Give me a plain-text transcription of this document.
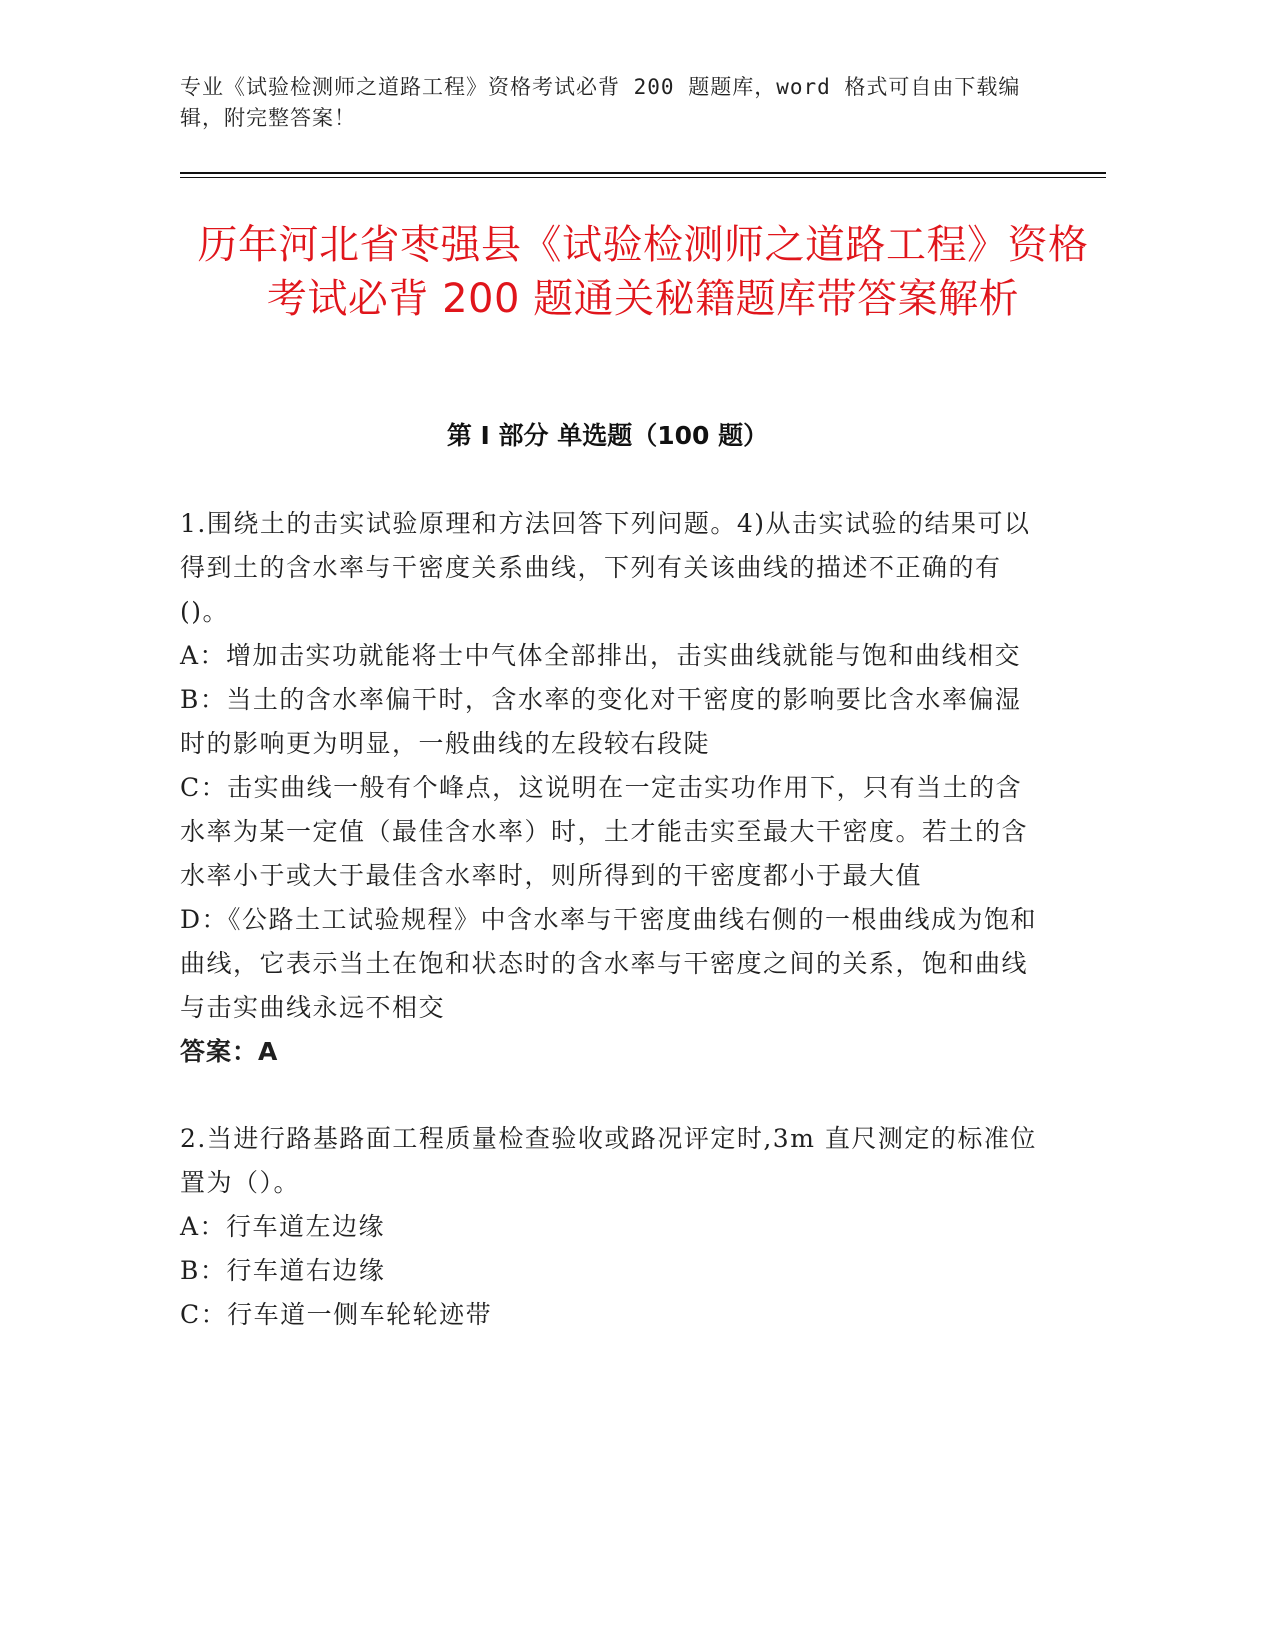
专业《试验检测师之道路工程》资格考试必背 200 题题库，word 格式可自由下载编辑，附完整答案！
历年河北省枣强县《试验检测师之道路工程》资格考试必背 200 题通关秘籍题库带答案解析
第 I 部分 单选题（100 题）
1.围绕土的击实试验原理和方法回答下列问题。4)从击实试验的结果可以得到土的含水率与干密度关系曲线，下列有关该曲线的描述不正确的有()。
A：增加击实功就能将士中气体全部排出，击实曲线就能与饱和曲线相交
B：当土的含水率偏干时，含水率的变化对干密度的影响要比含水率偏湿时的影响更为明显，一般曲线的左段较右段陡
C：击实曲线一般有个峰点，这说明在一定击实功作用下，只有当土的含水率为某一定值（最佳含水率）时，土才能击实至最大干密度。若土的含水率小于或大于最佳含水率时，则所得到的干密度都小于最大值
D：《公路土工试验规程》中含水率与干密度曲线右侧的一根曲线成为饱和曲线，它表示当土在饱和状态时的含水率与干密度之间的关系，饱和曲线与击实曲线永远不相交
答案：A
2.当进行路基路面工程质量检查验收或路况评定时,3m 直尺测定的标准位置为（）。
A：行车道左边缘
B：行车道右边缘
C：行车道一侧车轮轮迹带
